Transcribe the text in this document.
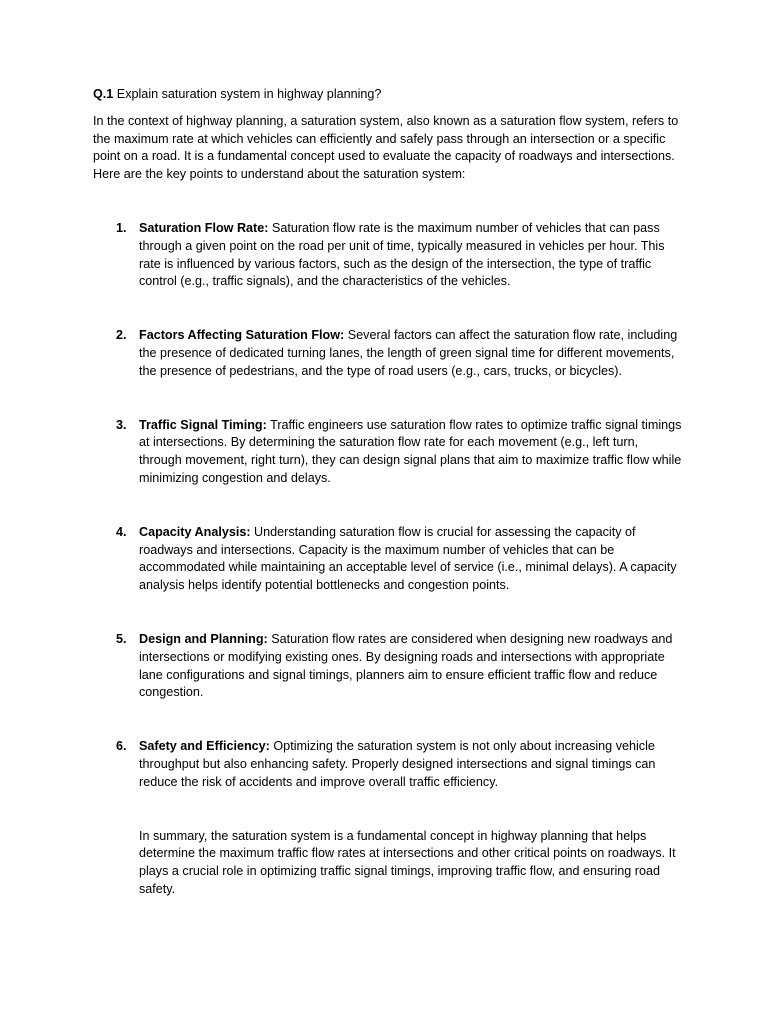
Q.1 Explain saturation system in highway planning?

In the context of highway planning, a saturation system, also known as a saturation flow system, refers to the maximum rate at which vehicles can efficiently and safely pass through an intersection or a specific point on a road. It is a fundamental concept used to evaluate the capacity of roadways and intersections. Here are the key points to understand about the saturation system:

1. Saturation Flow Rate: Saturation flow rate is the maximum number of vehicles that can pass through a given point on the road per unit of time, typically measured in vehicles per hour. This rate is influenced by various factors, such as the design of the intersection, the type of traffic control (e.g., traffic signals), and the characteristics of the vehicles.
2. Factors Affecting Saturation Flow: Several factors can affect the saturation flow rate, including the presence of dedicated turning lanes, the length of green signal time for different movements, the presence of pedestrians, and the type of road users (e.g., cars, trucks, or bicycles).
3. Traffic Signal Timing: Traffic engineers use saturation flow rates to optimize traffic signal timings at intersections. By determining the saturation flow rate for each movement (e.g., left turn, through movement, right turn), they can design signal plans that aim to maximize traffic flow while minimizing congestion and delays.
4. Capacity Analysis: Understanding saturation flow is crucial for assessing the capacity of roadways and intersections. Capacity is the maximum number of vehicles that can be accommodated while maintaining an acceptable level of service (i.e., minimal delays). A capacity analysis helps identify potential bottlenecks and congestion points.
5. Design and Planning: Saturation flow rates are considered when designing new roadways and intersections or modifying existing ones. By designing roads and intersections with appropriate lane configurations and signal timings, planners aim to ensure efficient traffic flow and reduce congestion.
6. Safety and Efficiency: Optimizing the saturation system is not only about increasing vehicle throughput but also enhancing safety. Properly designed intersections and signal timings can reduce the risk of accidents and improve overall traffic efficiency.

In summary, the saturation system is a fundamental concept in highway planning that helps determine the maximum traffic flow rates at intersections and other critical points on roadways. It plays a crucial role in optimizing traffic signal timings, improving traffic flow, and ensuring road safety.
